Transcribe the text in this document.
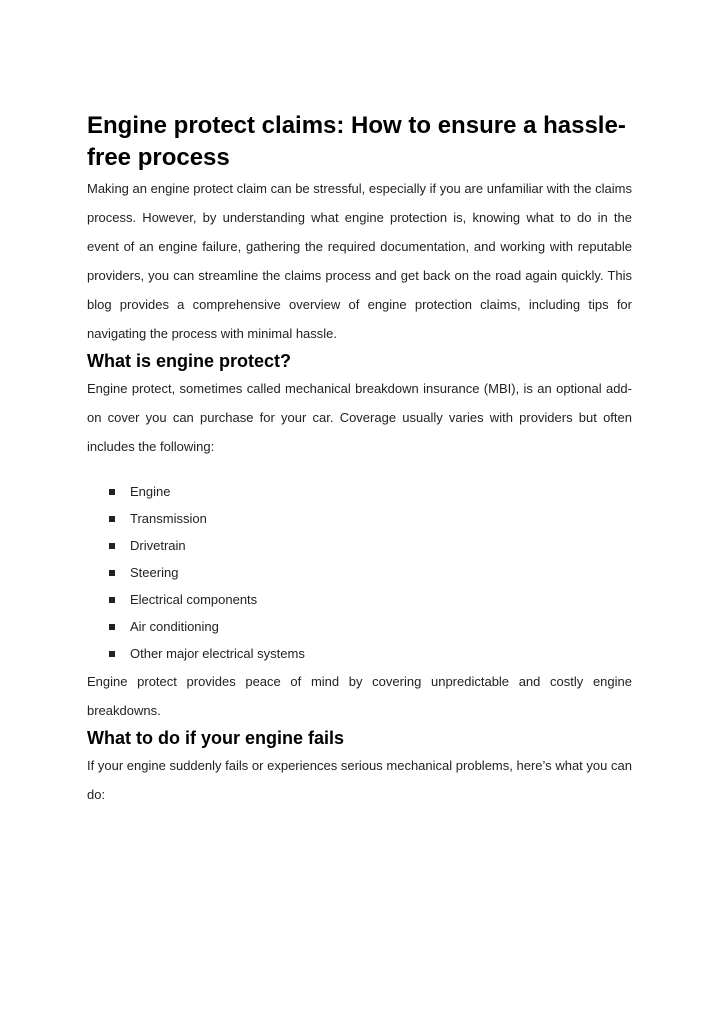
Engine protect claims: How to ensure a hassle-free process

Making an engine protect claim can be stressful, especially if you are unfamiliar with the claims process. However, by understanding what engine protection is, knowing what to do in the event of an engine failure, gathering the required documentation, and working with reputable providers, you can streamline the claims process and get back on the road again quickly. This blog provides a comprehensive overview of engine protection claims, including tips for navigating the process with minimal hassle.

What is engine protect?

Engine protect, sometimes called mechanical breakdown insurance (MBI), is an optional add-on cover you can purchase for your car. Coverage usually varies with providers but often includes the following:

Engine
Transmission
Drivetrain
Steering
Electrical components
Air conditioning
Other major electrical systems

Engine protect provides peace of mind by covering unpredictable and costly engine breakdowns.

What to do if your engine fails

If your engine suddenly fails or experiences serious mechanical problems, here’s what you can do:
